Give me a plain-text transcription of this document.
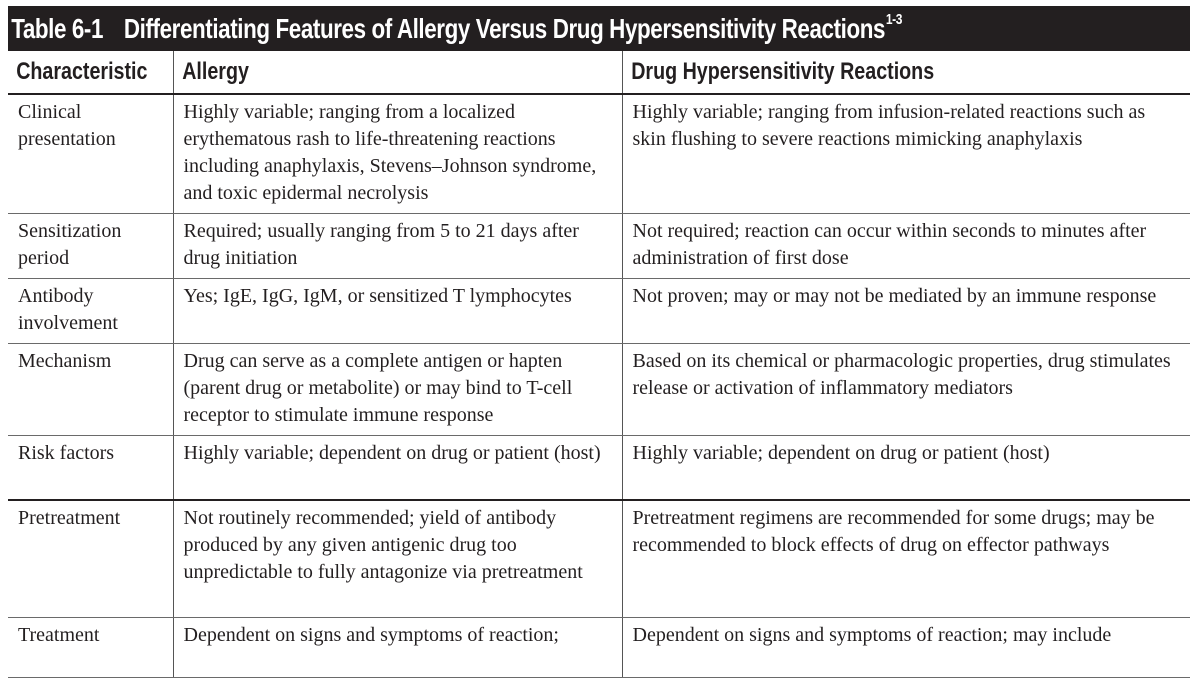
Table 6-1 Differentiating Features of Allergy Versus Drug Hypersensitivity Reactions$^{1-3}$
Characteristic	Allergy	Drug Hypersensitivity Reactions
Clinical presentation	Highly variable; ranging from a localized erythematous rash to life-threatening reactions including anaphylaxis, Stevens–Johnson syndrome, and toxic epidermal necrolysis	Highly variable; ranging from infusion-related reactions such as skin flushing to severe reactions mimicking anaphylaxis
Sensitization period	Required; usually ranging from 5 to 21 days after drug initiation	Not required; reaction can occur within seconds to minutes after administration of first dose
Antibody involvement	Yes; IgE, IgG, IgM, or sensitized T lymphocytes	Not proven; may or may not be mediated by an immune response
Mechanism	Drug can serve as a complete antigen or hapten (parent drug or metabolite) or may bind to T-cell receptor to stimulate immune response	Based on its chemical or pharmacologic properties, drug stimulates release or activation of inflammatory mediators
Risk factors	Highly variable; dependent on drug or patient (host)	Highly variable; dependent on drug or patient (host)
Pretreatment	Not routinely recommended; yield of antibody produced by any given antigenic drug too unpredictable to fully antagonize via pretreatment	Pretreatment regimens are recommended for some drugs; may be recommended to block effects of drug on effector pathways
Treatment	Dependent on signs and symptoms of reaction;	Dependent on signs and symptoms of reaction; may include
